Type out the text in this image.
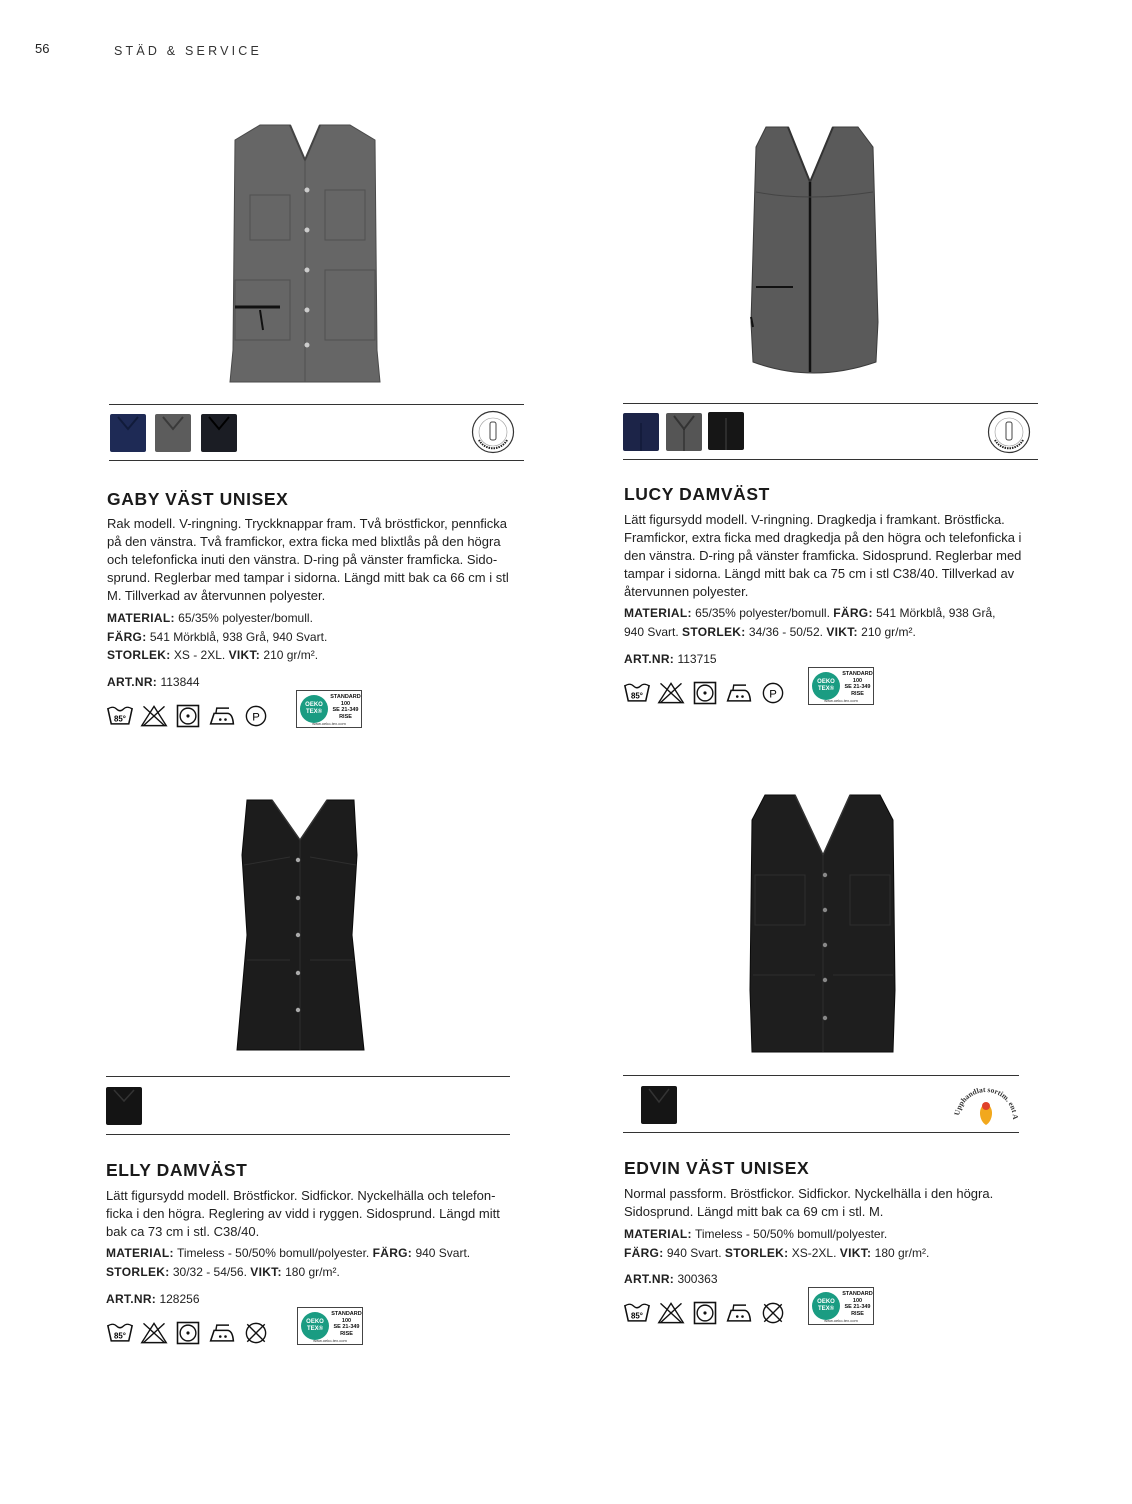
56	STÄD & SERVICE
GABY VÄST UNISEX
Rak modell. V-ringning. Tryckknappar fram. Två bröstfickor, pennficka på den vänstra. Två framfickor, extra ficka med blixtlås på den högra och telefonficka inuti den vänstra. D-ring på vänster framficka. Sido-sprund. Reglerbar med tampar i sidorna. Längd mitt bak ca 66 cm i stl M. Tillverkad av återvunnen polyester.
MATERIAL: 65/35% polyester/bomull.
FÄRG: 541 Mörkblå, 938 Grå, 940 Svart.
STORLEK: XS - 2XL. VIKT: 210 gr/m².
ART.NR: 113844
85°	P
OEKO TEX®
STANDARD 100
SE 21-349 RISE
www.oeko-tex.com
LUCY DAMVÄST
Lätt figursydd modell. V-ringning. Dragkedja i framkant. Bröstficka. Framfickor, extra ficka med dragkedja på den högra och telefonficka i den vänstra. D-ring på vänster framficka. Sidosprund. Reglerbar med tampar i sidorna. Längd mitt bak ca 75 cm i stl C38/40. Tillverkad av återvunnen polyester.
MATERIAL: 65/35% polyester/bomull. FÄRG: 541 Mörkblå, 938 Grå, 940 Svart. STORLEK: 34/36 - 50/52. VIKT: 210 gr/m².
ART.NR: 113715
85°	P
OEKO TEX®
STANDARD 100
SE 21-349 RISE
www.oeko-tex.com
ELLY DAMVÄST
Lätt figursydd modell. Bröstfickor. Sidfickor. Nyckelhälla och telefon-ficka i den högra. Reglering av vidd i ryggen. Sidosprund. Längd mitt bak ca 73 cm i stl. C38/40.
MATERIAL: Timeless - 50/50% bomull/polyester. FÄRG: 940 Svart.
STORLEK: 30/32 - 54/56. VIKT: 180 gr/m².
ART.NR: 128256
85°
OEKO TEX®
STANDARD 100
SE 21-349 RISE
www.oeko-tex.com
Upphandlat sortim. ent
EDVIN VÄST UNISEX
Normal passform. Bröstfickor. Sidfickor. Nyckelhälla i den högra. Sidosprund. Längd mitt bak ca 69 cm i stl. M.
MATERIAL: Timeless - 50/50% bomull/polyester.
FÄRG: 940 Svart. STORLEK: XS-2XL. VIKT: 180 gr/m².
ART.NR: 300363
85°
OEKO TEX®
STANDARD 100
SE 21-349 RISE
www.oeko-tex.com
